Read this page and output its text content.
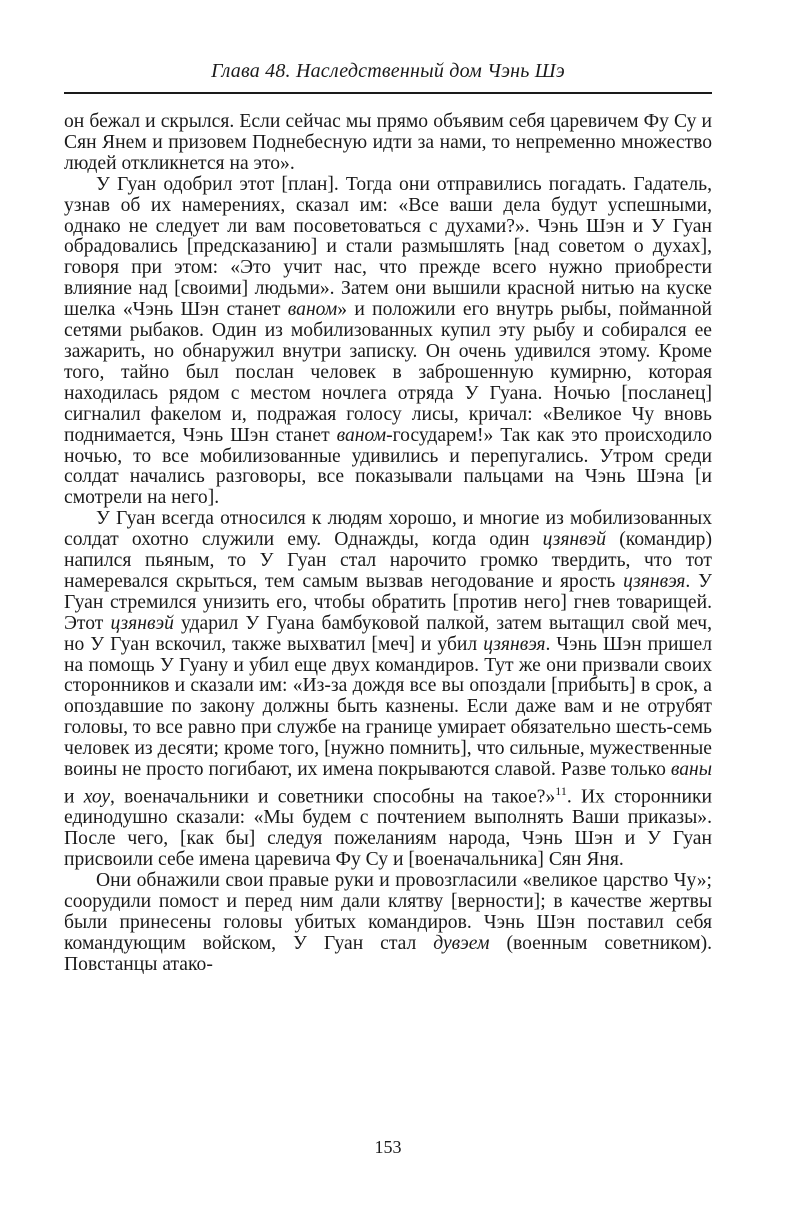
Глава 48. Наследственный дом Чэнь Шэ

он бежал и скрылся. Если сейчас мы прямо объявим себя царевичем Фу Су и Сян Янем и призовем Поднебесную идти за нами, то непременно множество людей откликнется на это».

У Гуан одобрил этот [план]. Тогда они отправились погадать. Гадатель, узнав об их намерениях, сказал им: «Все ваши дела будут успешными, однако не следует ли вам посоветоваться с духами?». Чэнь Шэн и У Гуан обрадовались [предсказанию] и стали размышлять [над советом о духах], говоря при этом: «Это учит нас, что прежде всего нужно приобрести влияние над [своими] людьми». Затем они вышили красной нитью на куске шелка «Чэнь Шэн станет ваном» и положили его внутрь рыбы, пойманной сетями рыбаков. Один из мобилизованных купил эту рыбу и собирался ее зажарить, но обнаружил внутри записку. Он очень удивился этому. Кроме того, тайно был послан человек в заброшенную кумирню, которая находилась рядом с местом ночлега отряда У Гуана. Ночью [посланец] сигналил факелом и, подражая голосу лисы, кричал: «Великое Чу вновь поднимается, Чэнь Шэн станет ваном-государем!» Так как это происходило ночью, то все мобилизованные удивились и перепугались. Утром среди солдат начались разговоры, все показывали пальцами на Чэнь Шэна [и смотрели на него].

У Гуан всегда относился к людям хорошо, и многие из мобилизованных солдат охотно служили ему. Однажды, когда один цзянвэй (командир) напился пьяным, то У Гуан стал нарочито громко твердить, что тот намеревался скрыться, тем самым вызвав негодование и ярость цзянвэя. У Гуан стремился унизить его, чтобы обратить [против него] гнев товарищей. Этот цзянвэй ударил У Гуана бамбуковой палкой, затем вытащил свой меч, но У Гуан вскочил, также выхватил [меч] и убил цзянвэя. Чэнь Шэн пришел на помощь У Гуану и убил еще двух командиров. Тут же они призвали своих сторонников и сказали им: «Из-за дождя все вы опоздали [прибыть] в срок, а опоздавшие по закону должны быть казнены. Если даже вам и не отрубят головы, то все равно при службе на границе умирает обязательно шесть-семь человек из десяти; кроме того, [нужно помнить], что сильные, мужественные воины не просто погибают, их имена покрываются славой. Разве только ваны и хоу, военачальники и советники способны на такое?»$^{11}$. Их сторонники единодушно сказали: «Мы будем с почтением выполнять Ваши приказы». После чего, [как бы] следуя пожеланиям народа, Чэнь Шэн и У Гуан присвоили себе имена царевича Фу Су и [военачальника] Сян Яня.

Они обнажили свои правые руки и провозгласили «великое царство Чу»; соорудили помост и перед ним дали клятву [верности]; в качестве жертвы были принесены головы убитых командиров. Чэнь Шэн поставил себя командующим войском, У Гуан стал дувэем (военным советником). Повстанцы атако-

153
